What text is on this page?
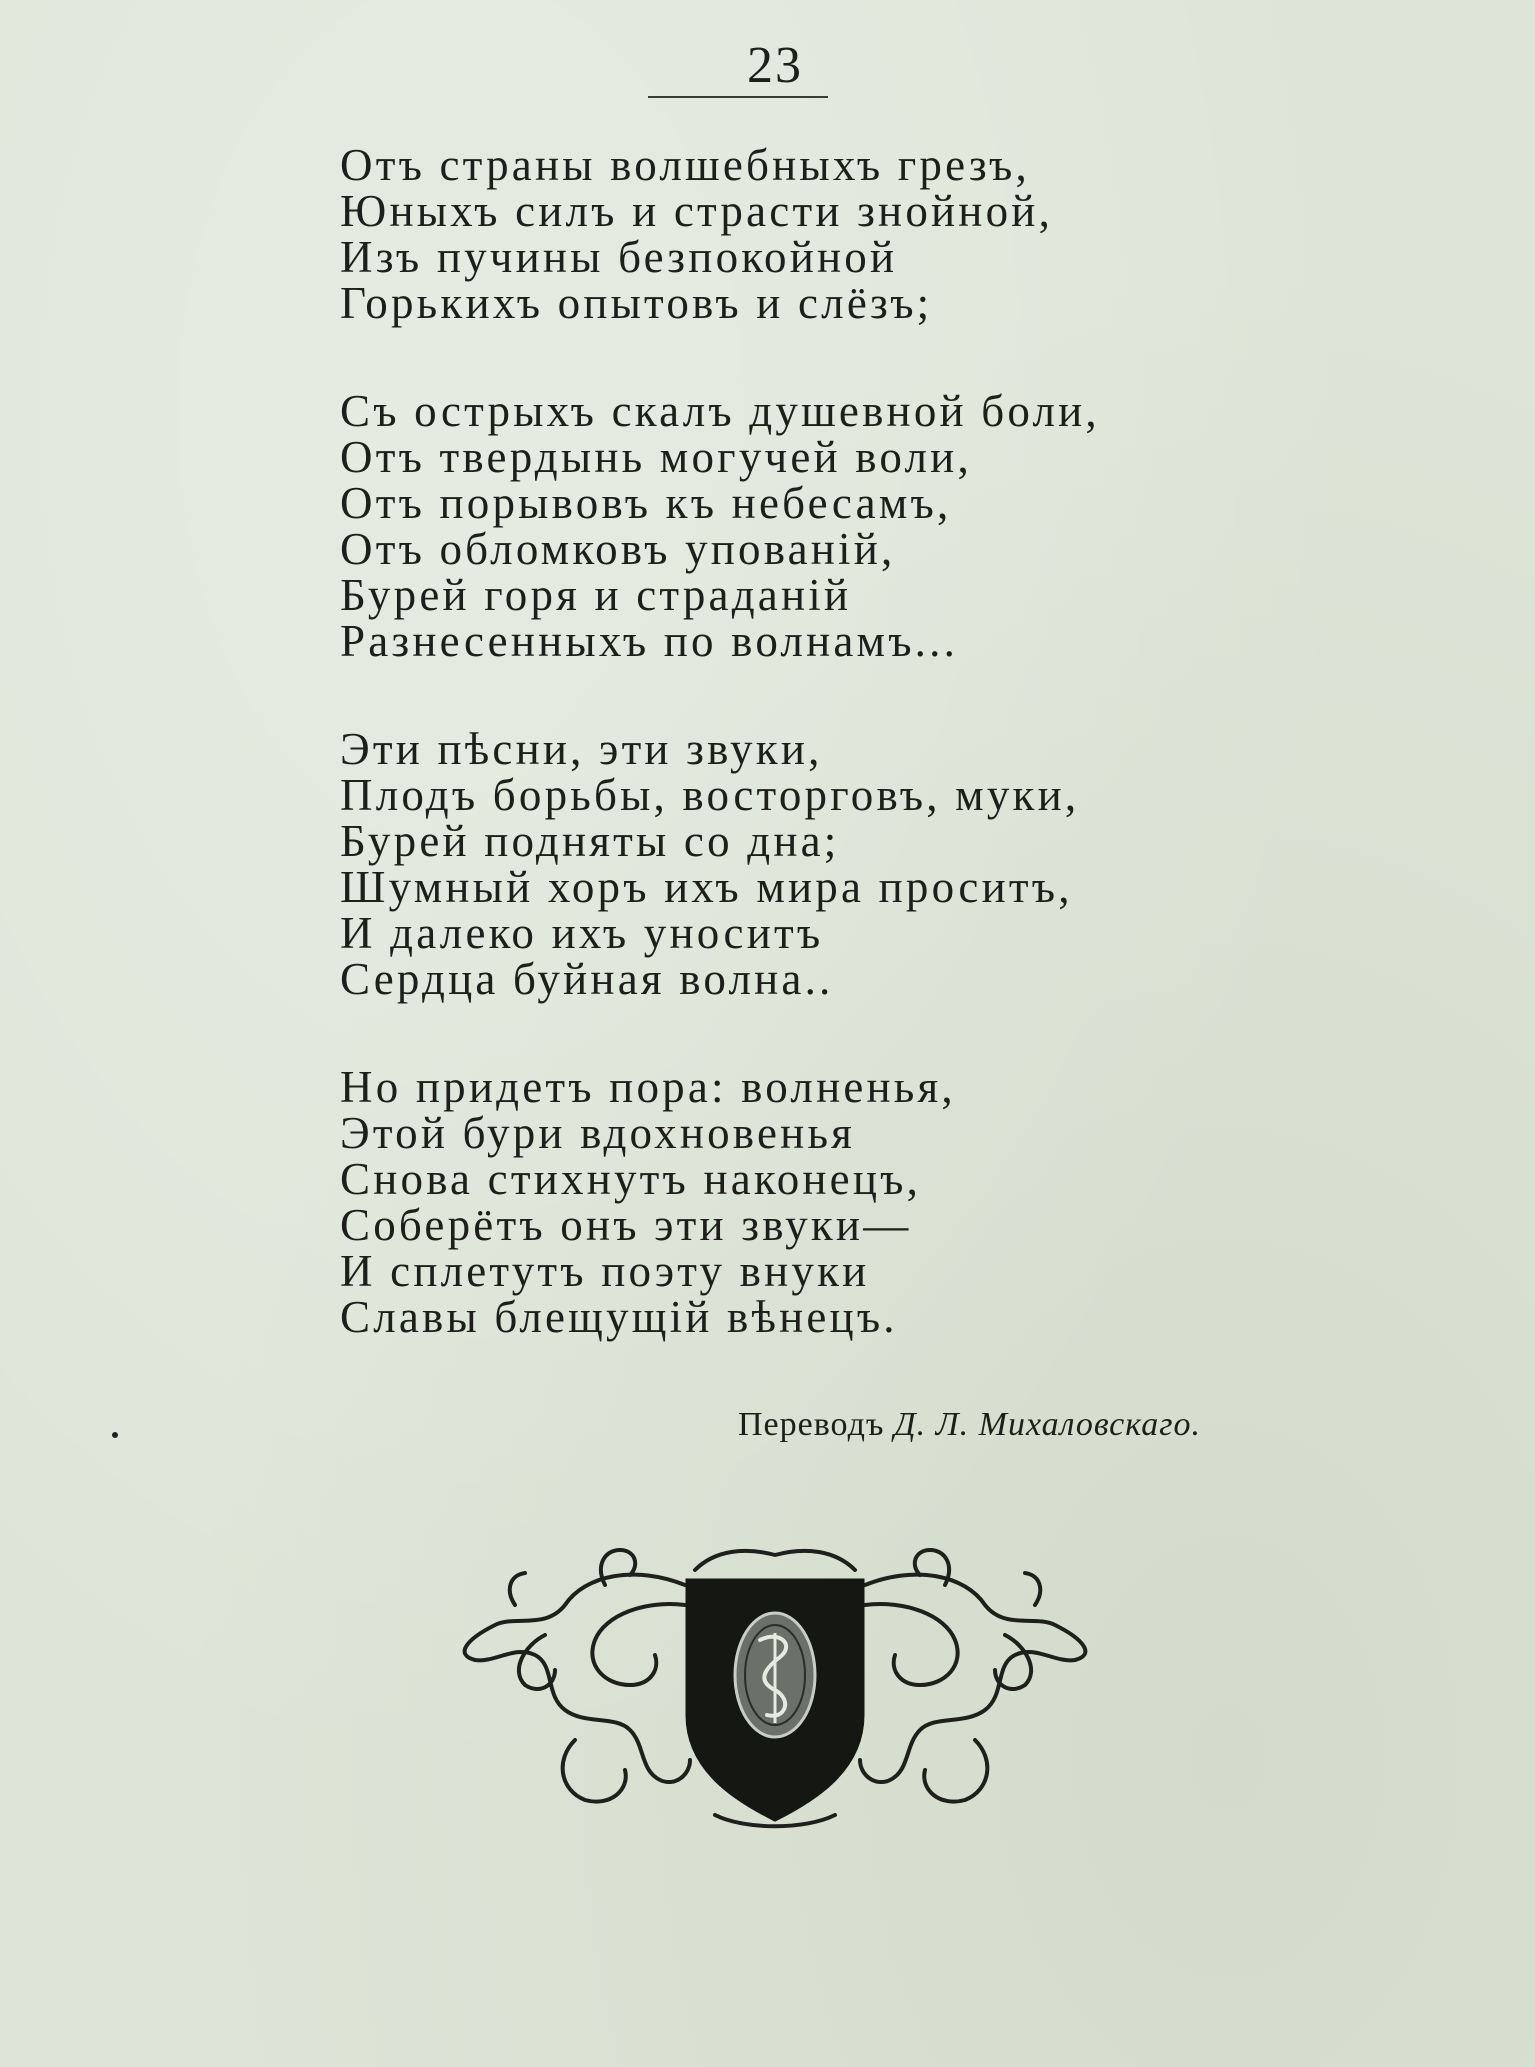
23
Отъ страны волшебныхъ грезъ,
Юныхъ силъ и страсти знойной,
Изъ пучины безпокойной
Горькихъ опытовъ и слёзъ;
Съ острыхъ скалъ душевной боли,
Отъ твердынь могучей воли,
Отъ порывовъ къ небесамъ,
Отъ обломковъ упованій,
Бурей горя и страданій
Разнесенныхъ по волнамъ...
Эти пѣсни, эти звуки,
Плодъ борьбы, восторговъ, муки,
Бурей подняты со дна;
Шумный хоръ ихъ мира проситъ,
И далеко ихъ уноситъ
Сердца буйная волна..
Но придетъ пора: волненья,
Этой бури вдохновенья
Снова стихнутъ наконецъ,
Соберётъ онъ эти звуки—
И сплетутъ поэту внуки
Славы блещущій вѣнецъ.
Переводъ Д. Л. Михаловскаго.
